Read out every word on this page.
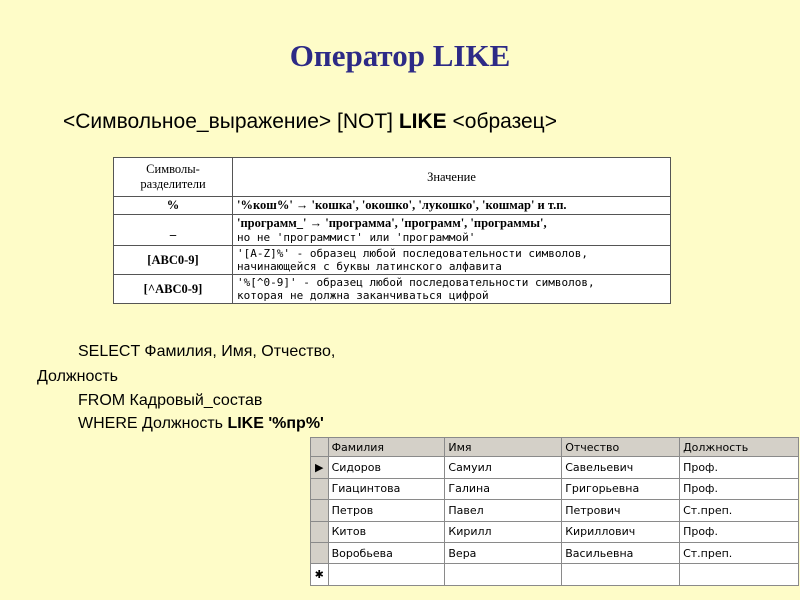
Оператор LIKE
<Символьное_выражение> [NOT] LIKE <образец>
Символы-разделители	Значение
%	'%кош%' → 'кошка', 'окошко', 'лукошко', 'кошмар' и т.п.

_	'программ_' → 'программа', 'программ', 'программы',
но не 'программист' или 'программой'

[ABC0-9]	'[A-Z]%' - образец любой последовательности символов,
начинающейся с буквы латинского алфавита

[^ABC0-9]	'%[^0-9]' - образец любой последовательности символов,
которая не должна заканчиваться цифрой
SELECT Фамилия, Имя, Отчество,
Должность
FROM Кадровый_состав
WHERE Должность LIKE '%пр%'
	Фамилия	Имя	Отчество	Должность
▶	Сидоров	Самуил	Савельевич	Проф.
	Гиацинтова	Галина	Григорьевна	Проф.
	Петров	Павел	Петрович	Ст.преп.
	Китов	Кирилл	Кириллович	Проф.
	Воробьева	Вера	Васильевна	Ст.преп.
✱				
